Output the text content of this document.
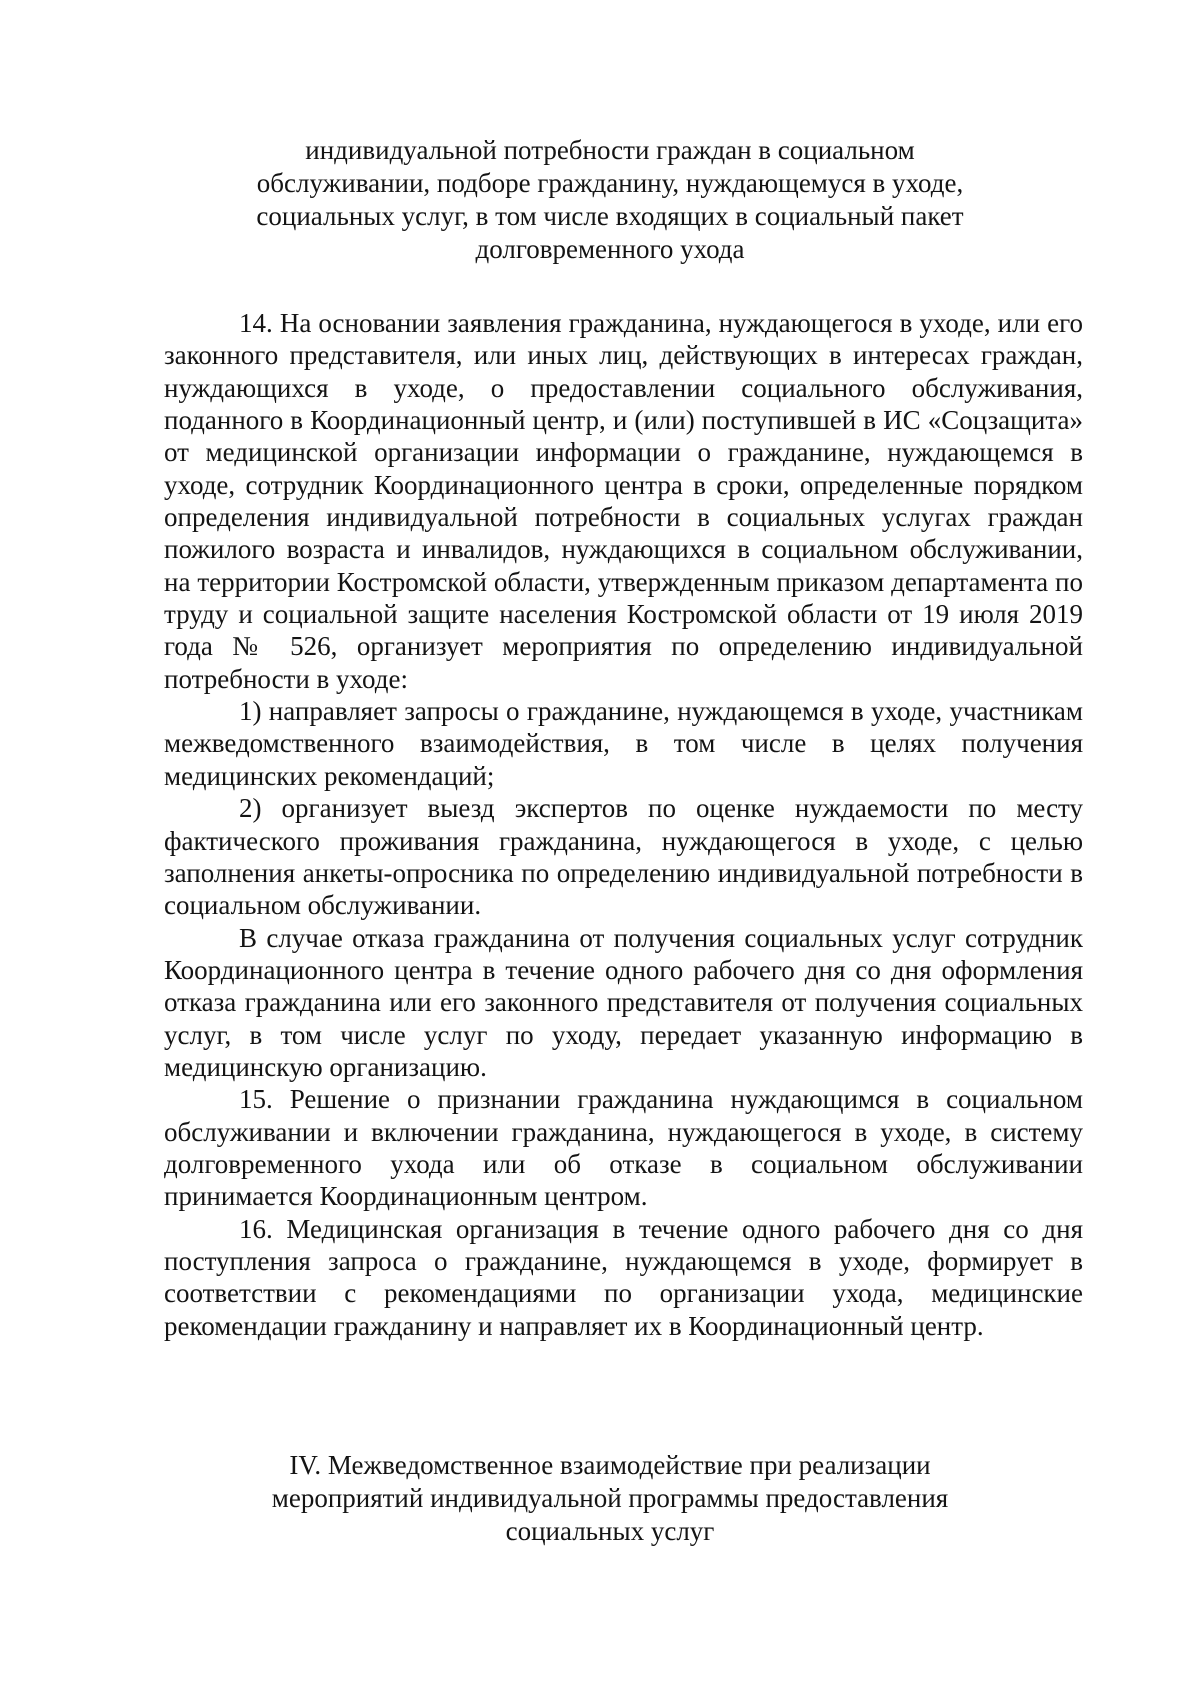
индивидуальной потребности граждан в социальном
обслуживании, подборе гражданину, нуждающемуся в уходе,
социальных услуг, в том числе входящих в социальный пакет
долговременного ухода

14. На основании заявления гражданина, нуждающегося в уходе, или его законного представителя, или иных лиц, действующих в интересах граждан, нуждающихся в уходе, о предоставлении социального обслуживания, поданного в Координационный центр, и (или) поступившей в ИС «Соцзащита» от медицинской организации информации о гражданине, нуждающемся в уходе, сотрудник Координационного центра в сроки, определенные порядком определения индивидуальной потребности в социальных услугах граждан пожилого возраста и инвалидов, нуждающихся в социальном обслуживании, на территории Костромской области, утвержденным приказом департамента по труду и социальной защите населения Костромской области от 19 июля 2019 года № 526, организует мероприятия по определению индивидуальной потребности в уходе:

1) направляет запросы о гражданине, нуждающемся в уходе, участникам межведомственного взаимодействия, в том числе в целях получения медицинских рекомендаций;

2) организует выезд экспертов по оценке нуждаемости по месту фактического проживания гражданина, нуждающегося в уходе, с целью заполнения анкеты-опросника по определению индивидуальной потребности в социальном обслуживании.

В случае отказа гражданина от получения социальных услуг сотрудник Координационного центра в течение одного рабочего дня со дня оформления отказа гражданина или его законного представителя от получения социальных услуг, в том числе услуг по уходу, передает указанную информацию в медицинскую организацию.

15. Решение о признании гражданина нуждающимся в социальном обслуживании и включении гражданина, нуждающегося в уходе, в систему долговременного ухода или об отказе в социальном обслуживании принимается Координационным центром.

16. Медицинская организация в течение одного рабочего дня со дня поступления запроса о гражданине, нуждающемся в уходе, формирует в соответствии с рекомендациями по организации ухода, медицинские рекомендации гражданину и направляет их в Координационный центр.

IV. Межведомственное взаимодействие при реализации
мероприятий индивидуальной программы предоставления
социальных услуг
